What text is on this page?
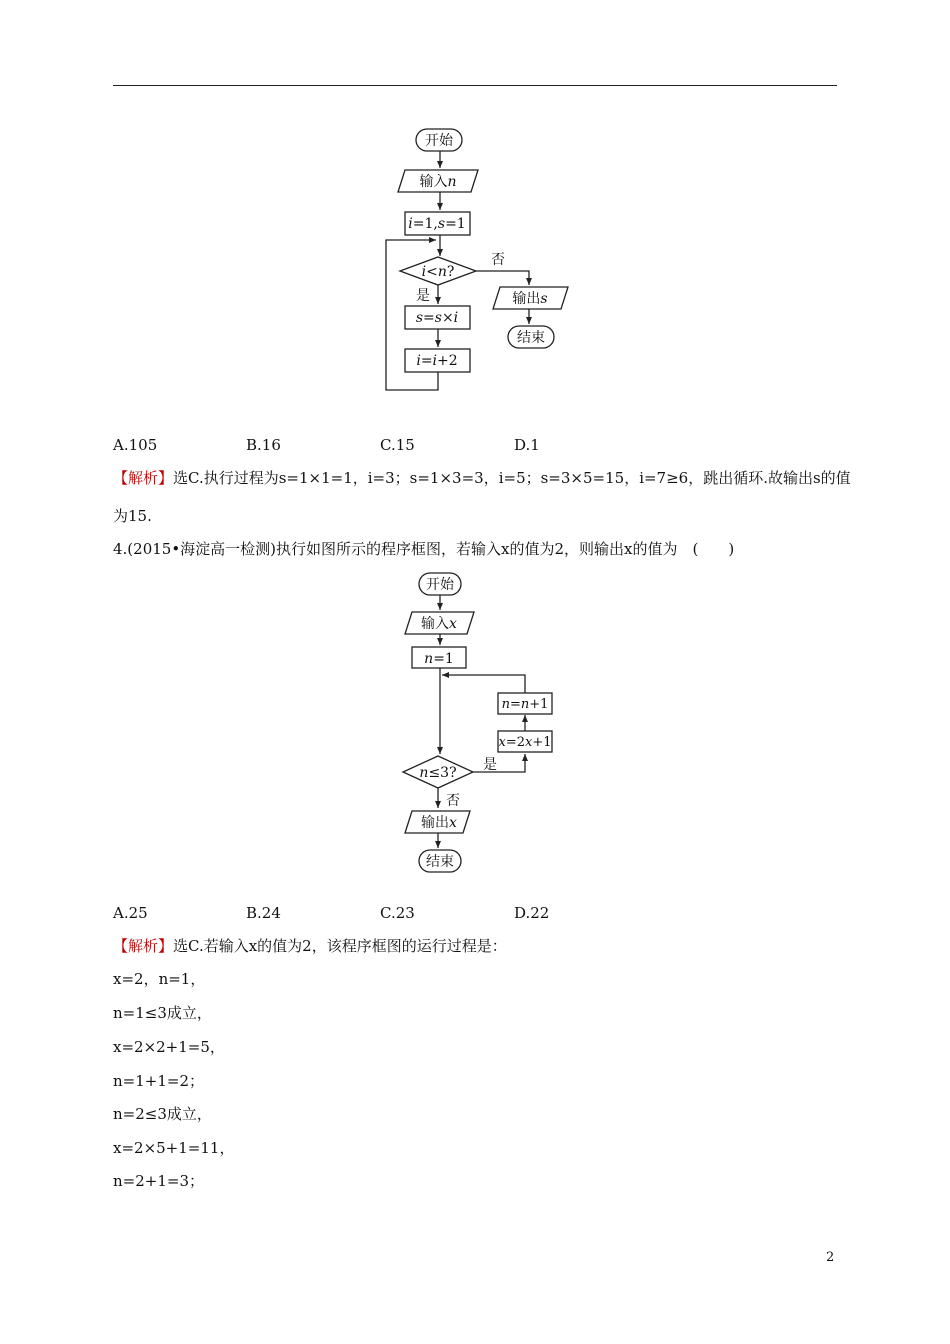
开始
输入n
i=1,s=1
i<n?
否
是
s=s×i
i=i+2
输出s
结束
A.105	B.16	C.15	D.1
【解析】选C.执行过程为s=1×1=1，i=3；s=1×3=3，i=5；s=3×5=15，i=7≥6，跳出循环.故输出s的值
为15.
4.(2015•海淀高一检测)执行如图所示的程序框图，若输入x的值为2，则输出x的值为　(　　)
开始
输入x
n=1
n=n+1
x=2x+1
n≤3? 是
否
输出x
结束
A.25	B.24	C.23	D.22
【解析】选C.若输入x的值为2，该程序框图的运行过程是：
x=2，n=1，
n=1≤3成立，
x=2×2+1=5，
n=1+1=2；
n=2≤3成立，
x=2×5+1=11，
n=2+1=3；
2
